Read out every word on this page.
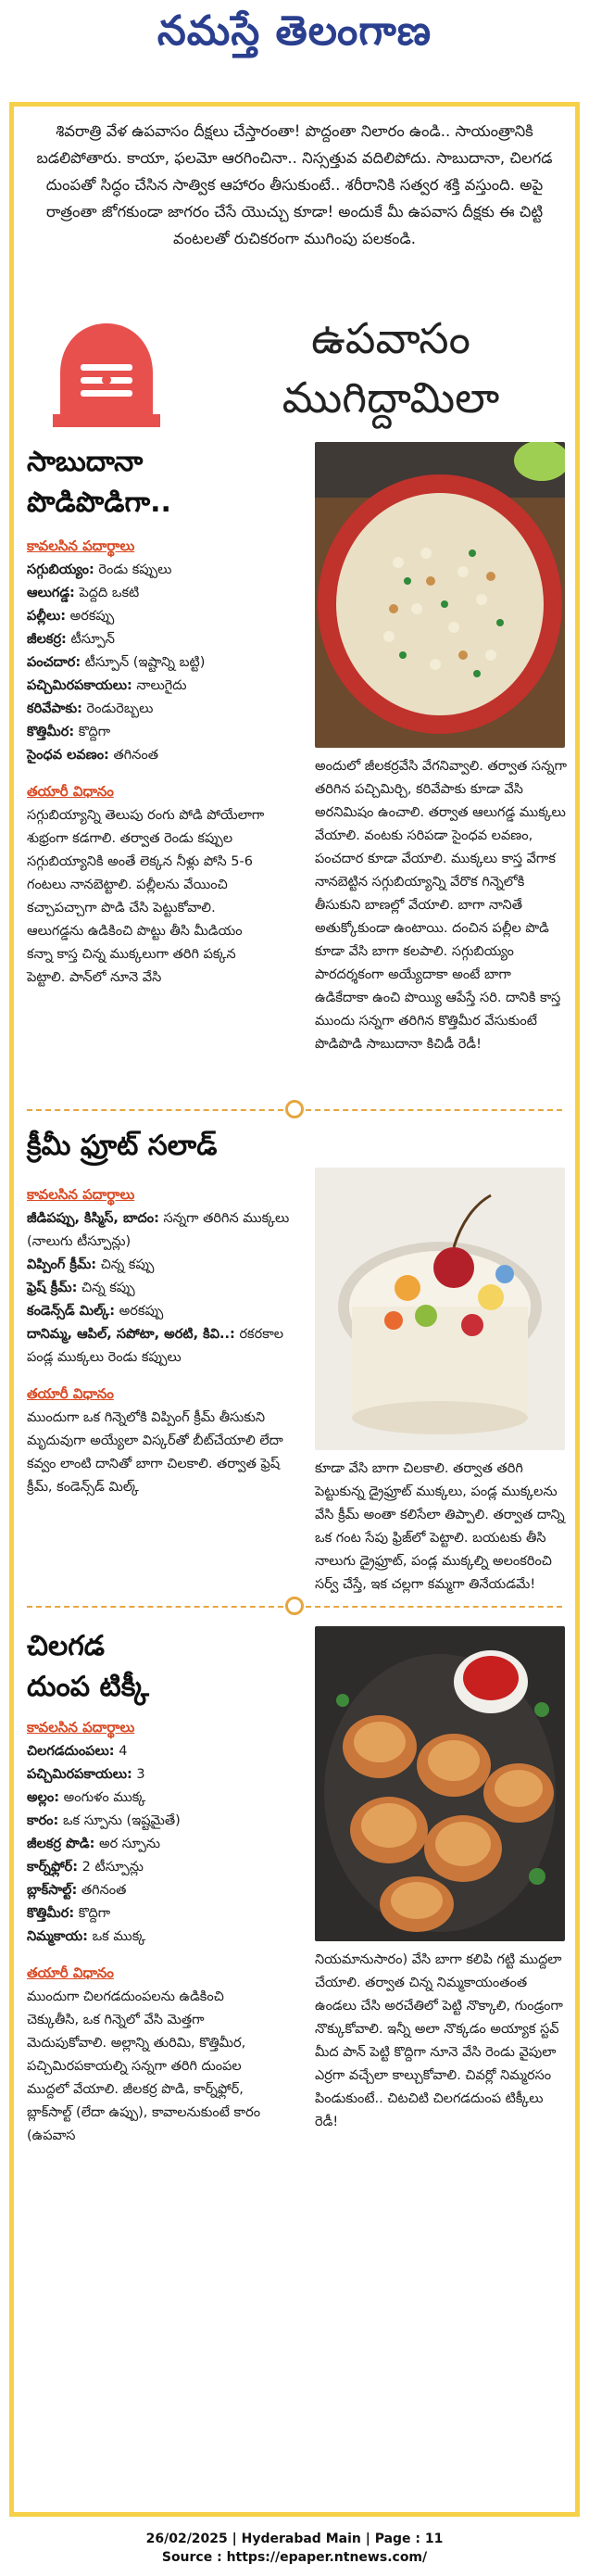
నమస్తే తెలంగాణ

శివరాత్రి వేళ ఉపవాసం దీక్షలు చేస్తారంతా! పొద్దంతా నిలారం ఉండి.. సాయంత్రానికి బడలిపోతారు. కాయా, ఫలమో ఆరగించినా.. నిస్సత్తువ వదిలిపోదు. సాబుదానా, చిలగడ దుంపతో సిద్ధం చేసిన సాత్విక ఆహారం తీసుకుంటే.. శరీరానికి సత్వర శక్తి వస్తుంది. అపై రాత్రంతా జోగకుండా జాగరం చేసే యొచ్చు కూడా! అందుకే మీ ఉపవాస దీక్షకు ఈ చిట్టి వంటలతో రుచికరంగా ముగింపు పలకండి.

ఉపవాసం
ముగిద్దామిలా
సాబుదానా
పొడిపొడిగా..
కావలసిన పదార్థాలు
సగ్గుబియ్యం: రెండు కప్పులు
ఆలుగడ్డ: పెద్దది ఒకటి
పల్లీలు: అరకప్పు
జీలకర్ర: టీస్పూన్
పంచదార: టీస్పూన్ (ఇష్టాన్ని బట్టి)
పచ్చిమిరపకాయలు: నాలుగైదు
కరివేపాకు: రెండురెబ్బలు
కొత్తిమీర: కొద్దిగా
సైంధవ లవణం: తగినంత
తయారీ విధానం
సగ్గుబియ్యాన్ని తెలుపు రంగు పోడి పోయేలాగా శుభ్రంగా కడగాలి. తర్వాత రెండు కప్పుల సగ్గుబియ్యానికి అంతే లెక్కన నీళ్లు పోసి 5-6 గంటలు నానబెట్టాలి. పల్లీలను వేయించి కచ్చాపచ్చాగా పొడి చేసి పెట్టుకోవాలి. ఆలుగడ్డను ఉడికించి పొట్టు తీసి మీడియం కన్నా కాస్త చిన్న ముక్కలుగా తరిగి పక్కన పెట్టాలి. పాన్‌లో నూనె వేసి
అందులో జీలకర్రవేసి వేగనివ్వాలి. తర్వాత సన్నగా తరిగిన పచ్చిమిర్చి, కరివేపాకు కూడా వేసి అరనిమిషం ఉంచాలి. తర్వాత ఆలుగడ్డ ముక్కలు వేయాలి. వంటకు సరిపడా సైంధవ లవణం, పంచదార కూడా వేయాలి. ముక్కలు కాస్త వేగాక నానబెట్టిన సగ్గుబియ్యాన్ని వేరొక గిన్నెలోకి తీసుకుని బాణల్లో వేయాలి. బాగా నానితే అతుక్కోకుండా ఉంటాయి. దంచిన పల్లీల పొడి కూడా వేసి బాగా కలపాలి. సగ్గుబియ్యం పారదర్శకంగా అయ్యేదాకా అంటే బాగా ఉడికేదాకా ఉంచి పొయ్యి ఆపేస్తే సరి. దానికి కాస్త ముందు సన్నగా తరిగిన కొత్తిమీర వేసుకుంటే పొడిపొడి సాబుదానా కిచిడీ రెడీ!
క్రీమీ ఫ్రూట్ సలాడ్
కావలసిన పదార్థాలు
జీడిపప్పు, కిస్మిస్, బాదం: సన్నగా తరిగిన ముక్కలు (నాలుగు టీస్పూన్లు)
విప్పింగ్ క్రీమ్: చిన్న కప్పు
ఫ్రెష్ క్రీమ్: చిన్న కప్పు
కండెన్స్‌డ్ మిల్క్: అరకప్పు
దానిమ్మ, ఆపిల్, సపోటా, అరటి, కివి..: రకరకాల పండ్ల ముక్కలు రెండు కప్పులు
తయారీ విధానం
ముందుగా ఒక గిన్నెలోకి విప్పింగ్ క్రీమ్ తీసుకుని మృదువుగా అయ్యేలా విస్కర్‌తో బీట్‌చేయాలి లేదా కవ్వం లాంటి దానితో బాగా చిలకాలి. తర్వాత ఫ్రెష్ క్రీమ్, కండెన్స్‌డ్ మిల్క్
కూడా వేసి బాగా చిలకాలి. తర్వాత తరిగి పెట్టుకున్న డ్రైఫ్రూట్ ముక్కలు, పండ్ల ముక్కలను వేసి క్రీమ్ అంతా కలిసేలా తిప్పాలి. తర్వాత దాన్ని ఒక గంట సేపు ఫ్రిజ్‌లో పెట్టాలి. బయటకు తీసి నాలుగు డ్రైఫ్రూట్, పండ్ల ముక్కల్ని అలంకరించి సర్వ్ చేస్తే, ఇక చల్లగా కమ్మగా తినేయడమే!
చిలగడ
దుంప టిక్కీ
కావలసిన పదార్థాలు
చిలగడదుంపలు: 4
పచ్చిమిరపకాయలు: 3
అల్లం: అంగుళం ముక్క
కారం: ఒక స్పూను (ఇష్టమైతే)
జీలకర్ర పొడి: అర స్పూను
కార్న్‌ఫ్లోర్: 2 టీస్పూన్లు
బ్లాక్‌సాల్ట్: తగినంత
కొత్తిమీర: కొద్దిగా
నిమ్మకాయ: ఒక ముక్క
తయారీ విధానం
ముందుగా చిలగడదుంపలను ఉడికించి చెక్కుతీసి, ఒక గిన్నెలో వేసి మెత్తగా మెదుపుకోవాలి. అల్లాన్ని తురిమి, కొత్తిమీర, పచ్చిమిరపకాయల్ని సన్నగా తరిగి దుంపల ముద్దలో వేయాలి. జీలకర్ర పొడి, కార్న్‌ఫ్లోర్, బ్లాక్‌సాల్ట్ (లేదా ఉప్పు), కావాలనుకుంటే కారం (ఉపవాస
నియమానుసారం) వేసి బాగా కలిపి గట్టి ముద్దలా చేయాలి. తర్వాత చిన్న నిమ్మకాయంతంత ఉండలు చేసి అరచేతిలో పెట్టి నొక్కాలి, గుండ్రంగా నొక్కుకోవాలి. ఇన్నీ అలా నొక్కడం అయ్యాక స్టవ్ మీద పాన్ పెట్టి కొద్దిగా నూనె వేసి రెండు వైపులా ఎర్రగా వచ్చేలా కాల్చుకోవాలి. చివర్లో నిమ్మరసం పిండుకుంటే.. చిటచిటి చిలగడదుంప టిక్కీలు రెడీ!
26/02/2025 | Hyderabad Main | Page : 11
Source : https://epaper.ntnews.com/
